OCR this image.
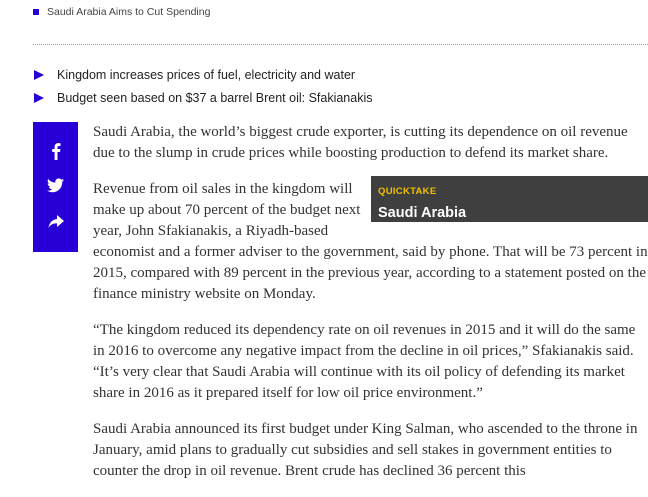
Saudi Arabia Aims to Cut Spending
Kingdom increases prices of fuel, electricity and water
Budget seen based on $37 a barrel Brent oil: Sfakianakis

Saudi Arabia, the world’s biggest crude exporter, is cutting its dependence on oil revenue due to the slump in crude prices while boosting production to defend its market share.

QUICKTAKE
Saudi Arabia

Revenue from oil sales in the kingdom will make up about 70 percent of the budget next year, John Sfakianakis, a Riyadh-based economist and a former adviser to the government, said by phone. That will be 73 percent in 2015, compared with 89 percent in the previous year, according to a statement posted on the finance ministry website on Monday.

“The kingdom reduced its dependency rate on oil revenues in 2015 and it will do the same in 2016 to overcome any negative impact from the decline in oil prices,” Sfakianakis said. “It’s very clear that Saudi Arabia will continue with its oil policy of defending its market share in 2016 as it prepared itself for low oil price environment.”

Saudi Arabia announced its first budget under King Salman, who ascended to the throne in January, amid plans to gradually cut subsidies and sell stakes in government entities to counter the drop in oil revenue. Brent crude has declined 36 percent this
